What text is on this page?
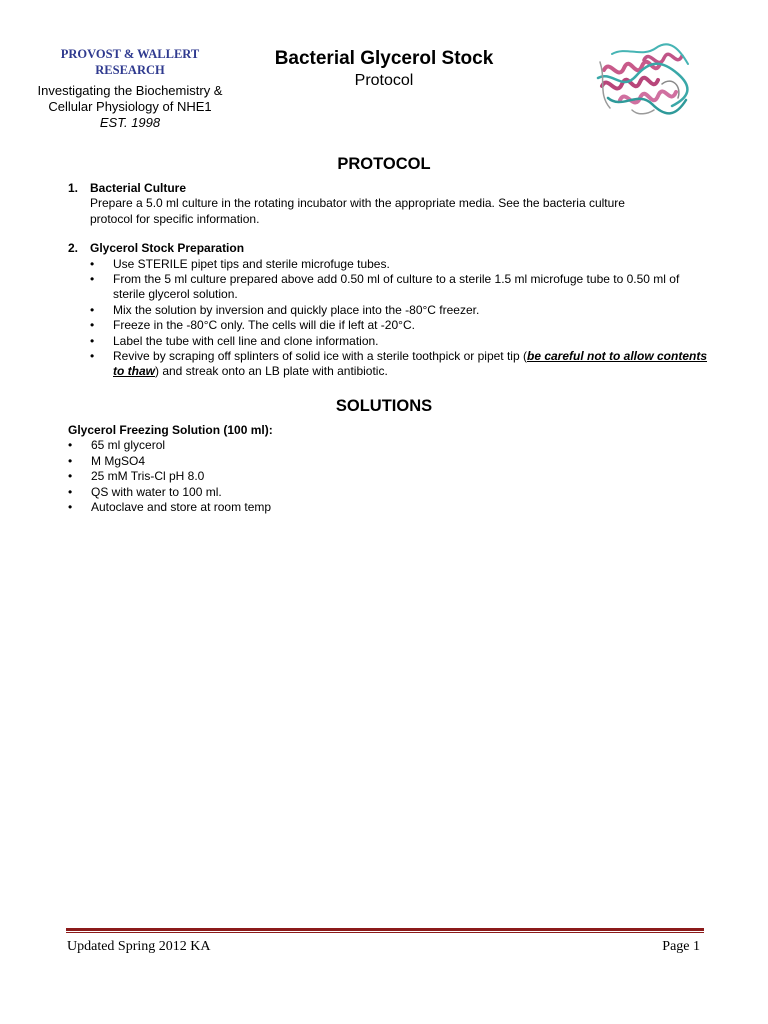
PROVOST & WALLERT
RESEARCH
Investigating the Biochemistry &
Cellular Physiology of NHE1
EST. 1998
Bacterial Glycerol Stock
Protocol
PROTOCOL
1. Bacterial Culture
Prepare a 5.0 ml culture in the rotating incubator with the appropriate media. See the bacteria culture
protocol for specific information.
2. Glycerol Stock Preparation
• Use STERILE pipet tips and sterile microfuge tubes.
• From the 5 ml culture prepared above add 0.50 ml of culture to a sterile 1.5 ml microfuge tube to 0.50 ml of sterile glycerol solution.
• Mix the solution by inversion and quickly place into the -80°C freezer.
• Freeze in the -80°C only. The cells will die if left at -20°C.
• Label the tube with cell line and clone information.
• Revive by scraping off splinters of solid ice with a sterile toothpick or pipet tip (be careful not to allow contents to thaw) and streak onto an LB plate with antibiotic.
SOLUTIONS
Glycerol Freezing Solution (100 ml):
• 65 ml glycerol
• M MgSO4
• 25 mM Tris-Cl pH 8.0
• QS with water to 100 ml.
• Autoclave and store at room temp
Updated Spring 2012 KA	Page 1
